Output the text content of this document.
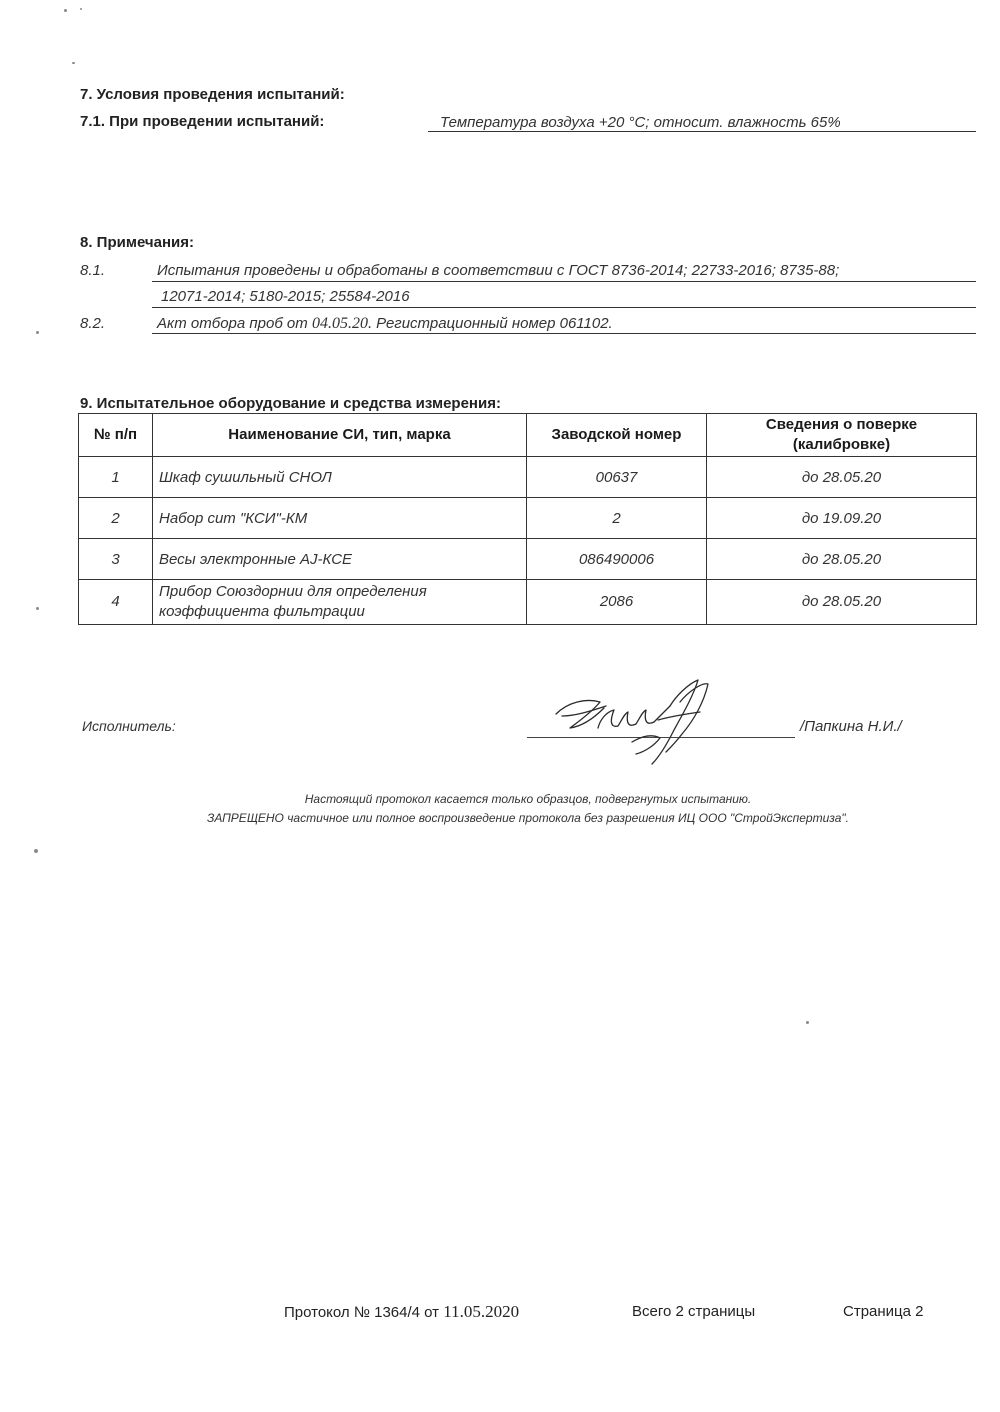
7. Условия проведения испытаний:
7.1. При проведении испытаний:	Температура воздуха +20 °С; относит. влажность 65%
8. Примечания:
8.1.	Испытания проведены и обработаны в соответствии с ГОСТ 8736-2014; 22733-2016; 8735-88;
12071-2014; 5180-2015; 25584-2016
8.2.	Акт отбора проб от 04.05.20. Регистрационный номер 061102.
9. Испытательное оборудование и средства измерения:
№ п/п	Наименование СИ, тип, марка	Заводской номер	Сведения о поверке
(калибровке)
1	Шкаф сушильный СНОЛ	00637	до 28.05.20
2	Набор сит "КСИ"-КМ	2	до 19.09.20
3	Весы электронные AJ-КСЕ	086490006	до 28.05.20
4	Прибор Союздорнии для определения
коэффициента фильтрации	2086	до 28.05.20
Исполнитель:	/Папкина Н.И./
Настоящий протокол касается только образцов, подвергнутых испытанию.
ЗАПРЕЩЕНО частичное или полное воспроизведение протокола без разрешения ИЦ ООО "СтройЭкспертиза".
Протокол № 1364/4 от 11.05.2020	Всего 2 страницы	Страница 2
